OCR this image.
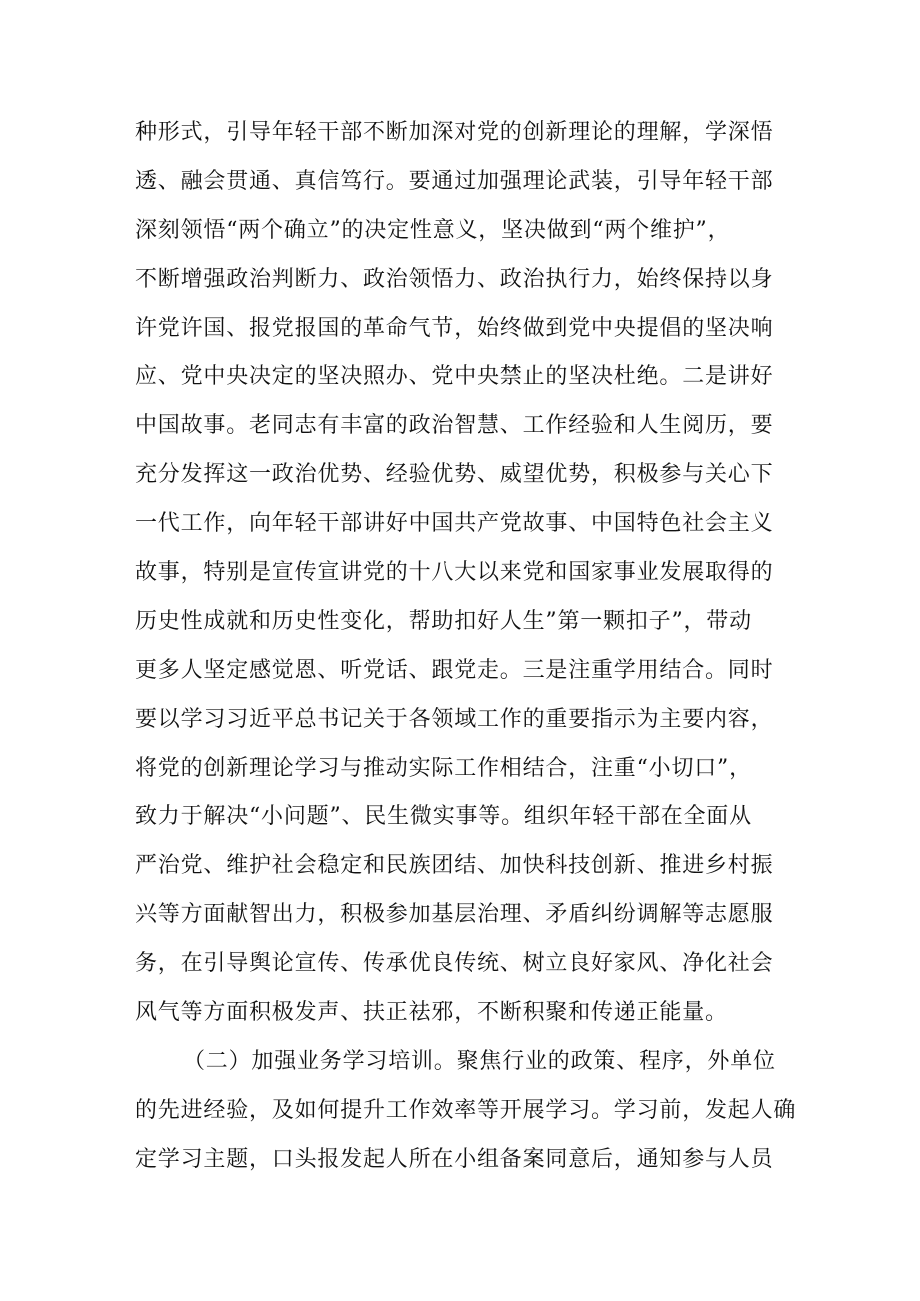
种形式，引导年轻干部不断加深对党的创新理论的理解，学深悟
透、融会贯通、真信笃行。要通过加强理论武装，引导年轻干部
深刻领悟“两个确立”的决定性意义，坚决做到“两个维护”，
不断增强政治判断力、政治领悟力、政治执行力，始终保持以身
许党许国、报党报国的革命气节，始终做到党中央提倡的坚决响
应、党中央决定的坚决照办、党中央禁止的坚决杜绝。二是讲好
中国故事。老同志有丰富的政治智慧、工作经验和人生阅历，要
充分发挥这一政治优势、经验优势、威望优势，积极参与关心下
一代工作，向年轻干部讲好中国共产党故事、中国特色社会主义
故事，特别是宣传宣讲党的十八大以来党和国家事业发展取得的
历史性成就和历史性变化，帮助扣好人生”第一颗扣子”，带动
更多人坚定感觉恩、听党话、跟党走。三是注重学用结合。同时
要以学习习近平总书记关于各领域工作的重要指示为主要内容，
将党的创新理论学习与推动实际工作相结合，注重“小切口”，
致力于解决“小问题”、民生微实事等。组织年轻干部在全面从
严治党、维护社会稳定和民族团结、加快科技创新、推进乡村振
兴等方面献智出力，积极参加基层治理、矛盾纠纷调解等志愿服
务，在引导舆论宣传、传承优良传统、树立良好家风、净化社会
风气等方面积极发声、扶正祛邪，不断积聚和传递正能量。
（二）加强业务学习培训。聚焦行业的政策、程序，外单位
的先进经验，及如何提升工作效率等开展学习。学习前，发起人确
定学习主题，口头报发起人所在小组备案同意后，通知参与人员
